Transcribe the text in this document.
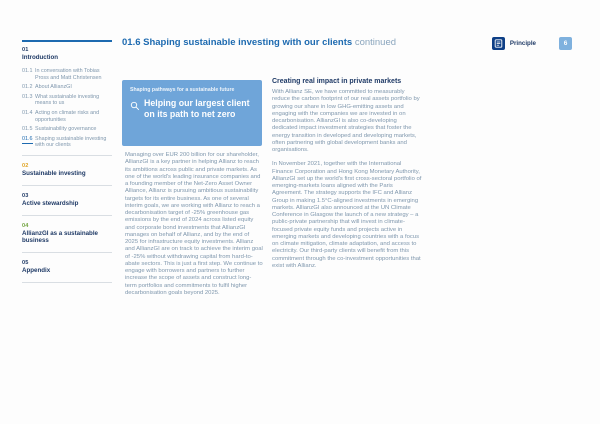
01
Introduction
01.1 In conversation with Tobias Pross and Matt Christensen
01.2 About AllianzGI
01.3 What sustainable investing means to us
01.4 Acting on climate risks and opportunities
01.5 Sustainability governance
01.6 Shaping sustainable investing with our clients
02
Sustainable investing
03
Active stewardship
04
AllianzGI as a sustainable business
05
Appendix
01.6 Shaping sustainable investing with our clients continued	Principle	6
Shaping pathways for a sustainable future
Helping our largest client on its path to net zero
Managing over EUR 200 billion for our shareholder, AllianzGI is a key partner in helping Allianz to reach its ambitions across public and private markets. As one of the world's leading insurance companies and a founding member of the Net-Zero Asset Owner Alliance, Allianz is pursuing ambitious sustainability targets for its entire business. As one of several interim goals, we are working with Allianz to reach a decarbonisation target of -25% greenhouse gas emissions by the end of 2024 across listed equity and corporate bond investments that AllianzGI manages on behalf of Allianz, and by the end of 2025 for infrastructure equity investments. Allianz and AllianzGI are on track to achieve the interim goal of -25% without withdrawing capital from hard-to-abate sectors. This is just a first step. We continue to engage with borrowers and partners to further increase the scope of assets and construct long-term portfolios and commitments to fulfil higher decarbonisation goals beyond 2025.
Creating real impact in private markets

With Allianz SE, we have committed to measurably reduce the carbon footprint of our real assets portfolio by growing our share in low GHG-emitting assets and engaging with the companies we are invested in on decarbonisation. AllianzGI is also co-developing dedicated impact investment strategies that foster the energy transition in developed and developing markets, often partnering with global development banks and organisations.

In November 2021, together with the International Finance Corporation and Hong Kong Monetary Authority, AllianzGI set up the world's first cross-sectoral portfolio of emerging-markets loans aligned with the Paris Agreement. The strategy supports the IFC and Allianz Group in making 1.5°C-aligned investments in emerging markets. AllianzGI also announced at the UN Climate Conference in Glasgow the launch of a new strategy – a public-private partnership that will invest in climate-focused private equity funds and projects active in emerging markets and developing countries with a focus on climate mitigation, climate adaptation, and access to electricity. Our third-party clients will benefit from this commitment through the co-investment opportunities that exist with Allianz.
